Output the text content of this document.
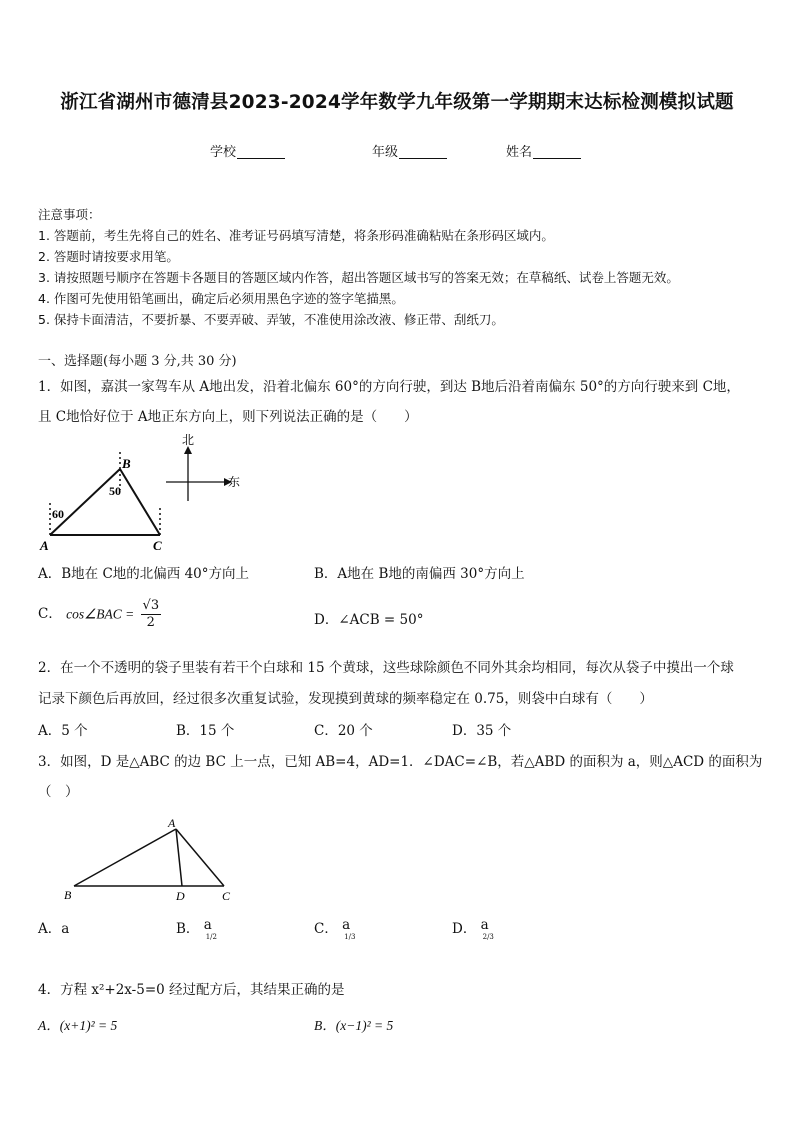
浙江省湖州市德清县2023-2024学年数学九年级第一学期期末达标检测模拟试题
学校	年级	姓名
注意事项：
1. 答题前，考生先将自己的姓名、准考证号码填写清楚，将条形码准确粘贴在条形码区域内。
2. 答题时请按要求用笔。
3. 请按照题号顺序在答题卡各题目的答题区域内作答，超出答题区域书写的答案无效；在草稿纸、试卷上答题无效。
4. 作图可先使用铅笔画出，确定后必须用黑色字迹的签字笔描黑。
5. 保持卡面清洁，不要折暴、不要弄破、弄皱，不准使用涂改液、修正带、刮纸刀。
一、选择题(每小题 3 分,共 30 分)
1．如图，嘉淇一家驾车从 A地出发，沿着北偏东 60°的方向行驶，到达 B地后沿着南偏东 50°的方向行驶来到 C地，
且 C地恰好位于 A地正东方向上，则下列说法正确的是（　　）
B
A	C
60
50
北
东
A．B地在 C地的北偏西 40°方向上	B．A地在 B地的南偏西 30°方向上
C． cos∠BAC = $\frac{√3}{2}$	D．∠ACB = 50°
2．在一个不透明的袋子里装有若干个白球和 15 个黄球，这些球除颜色不同外其余均相同，每次从袋子中摸出一个球
记录下颜色后再放回，经过很多次重复试验，发现摸到黄球的频率稳定在 0.75，则袋中白球有（　　）
A．5 个	B．15 个	C．20 个	D．35 个
3．如图，D 是△ABC 的边 BC 上一点，已知 AB=4，AD=1．∠DAC=∠B，若△ABD 的面积为 a，则△ACD 的面积为
（　）
A
B	D	C
A．a	B． a
1/2	C． a
1/3	D． a
2/3
4．方程 x²+2x-5=0 经过配方后，其结果正确的是
A．(x+1)² = 5	B．(x−1)² = 5
